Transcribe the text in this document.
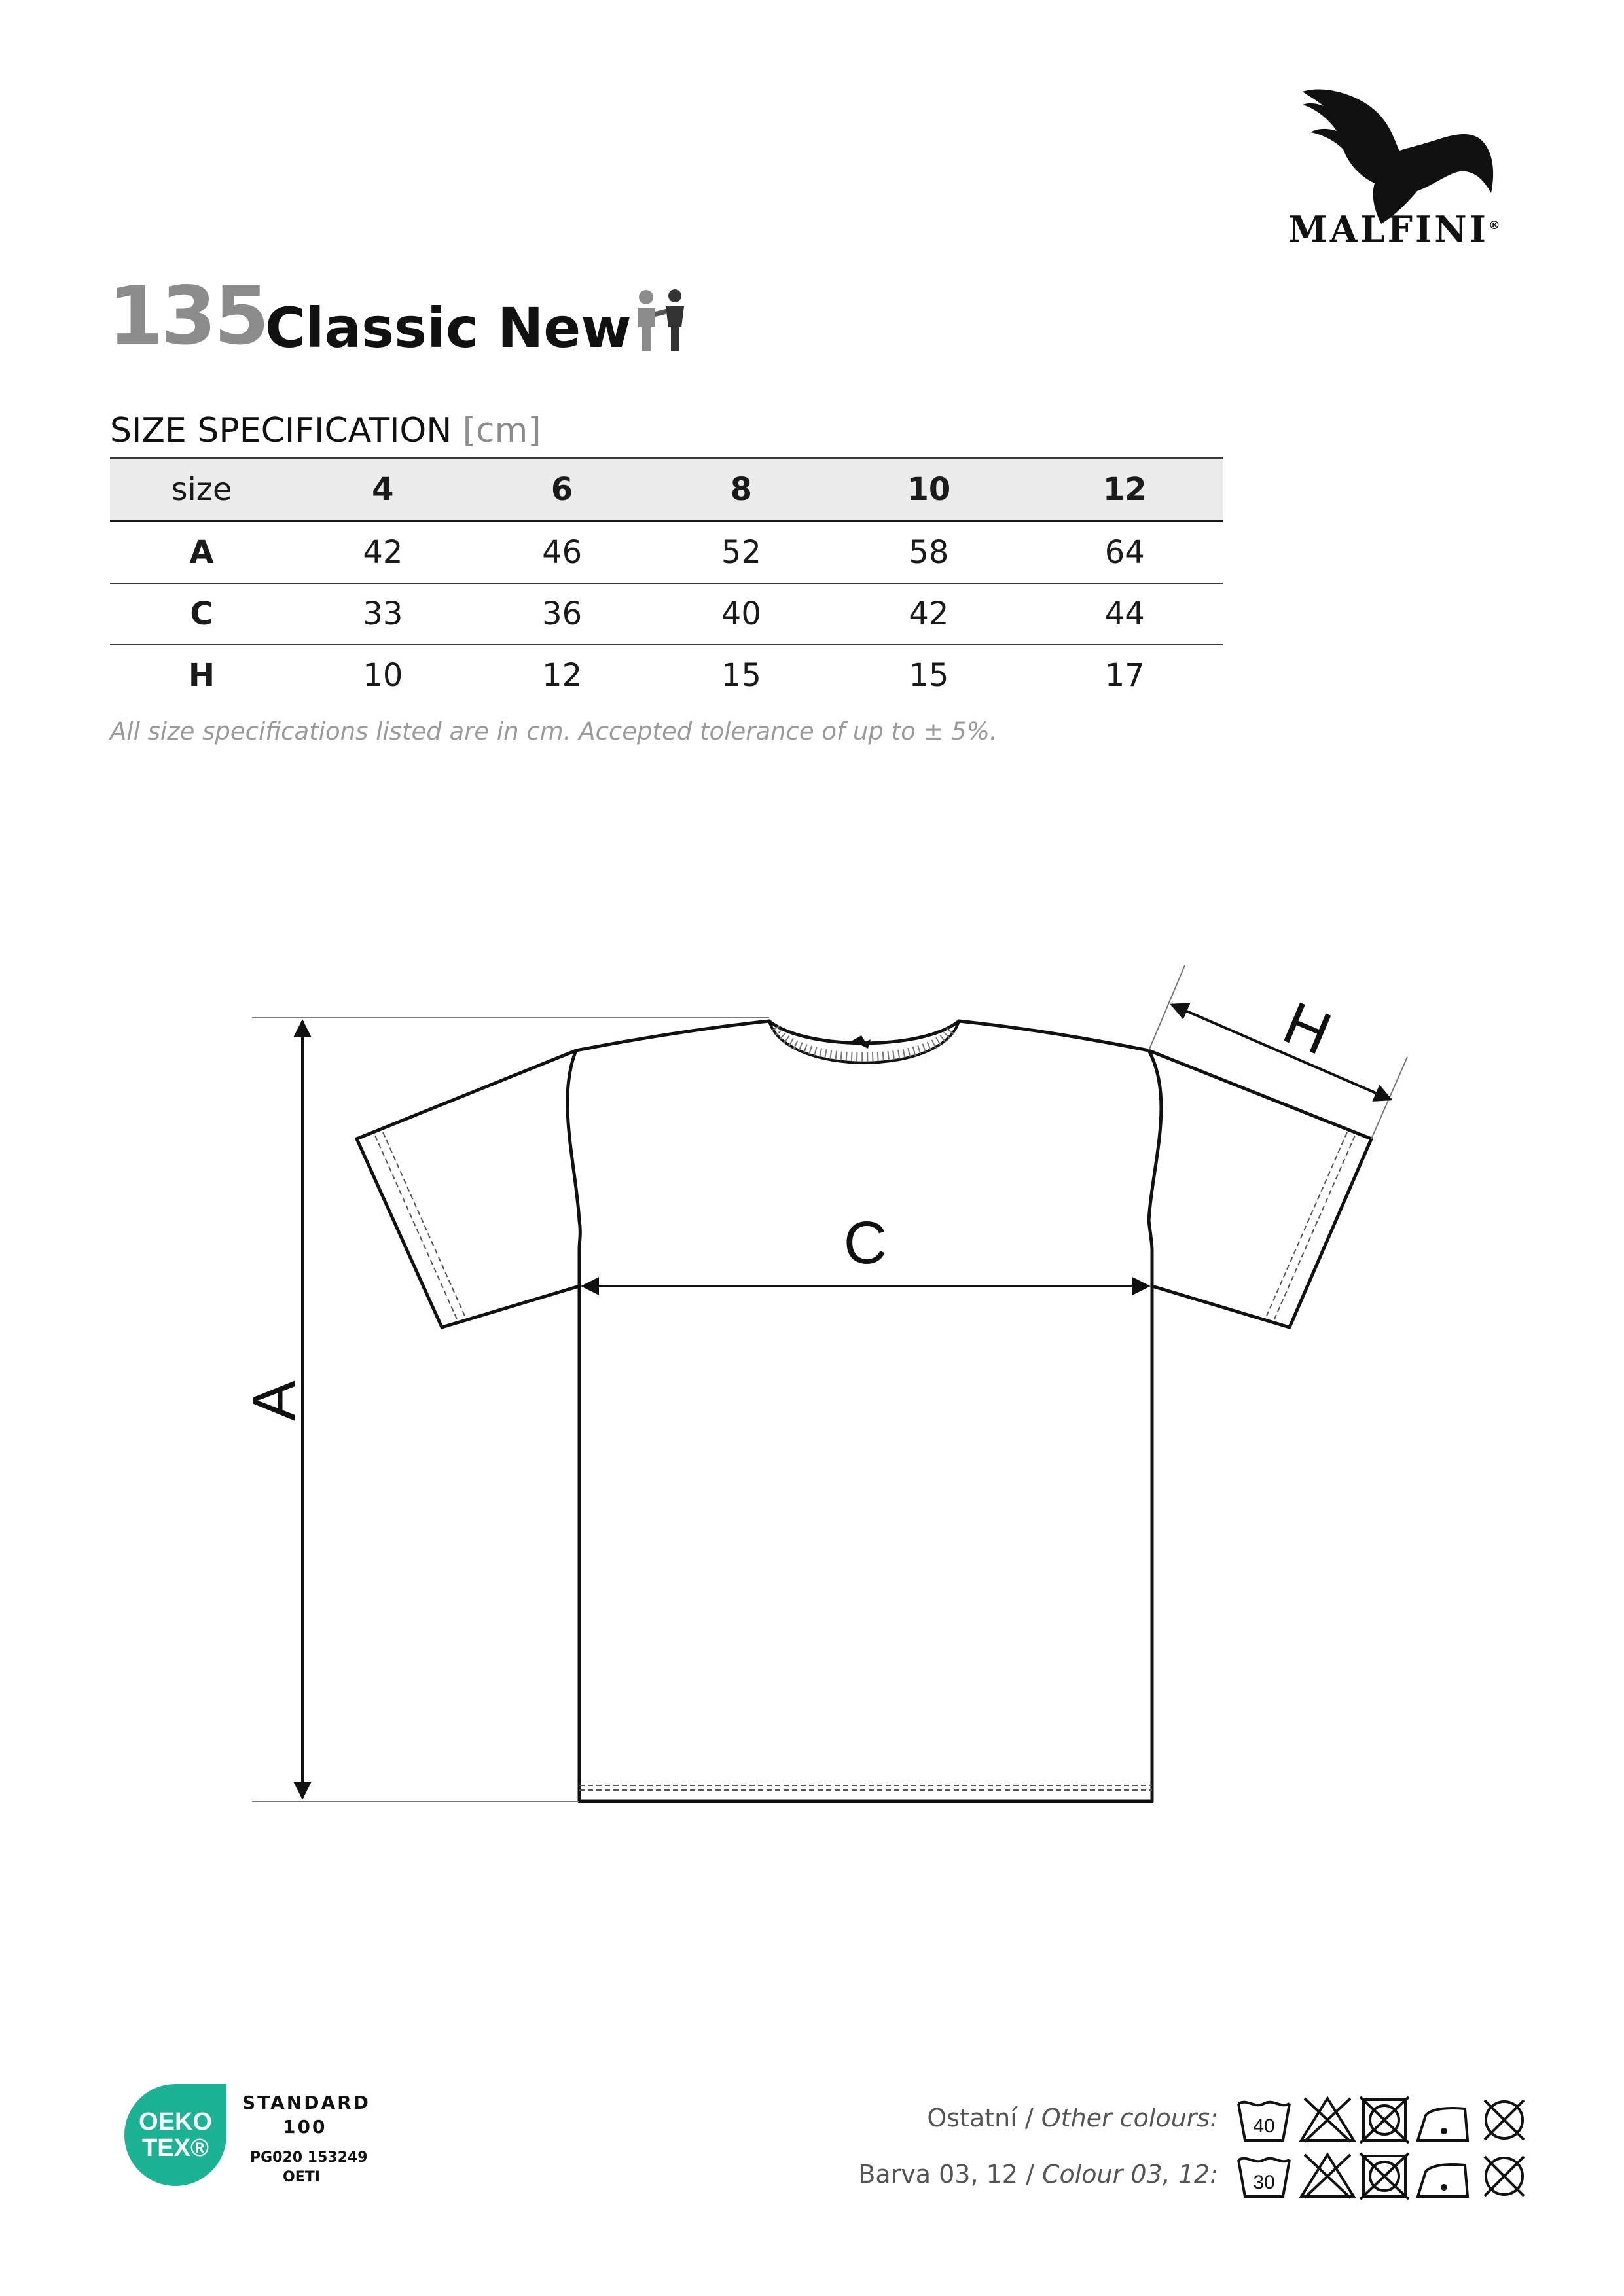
MALFINI®
135
Classic New
SIZE SPECIFICATION [cm]
size	4	6	8	10	12
A	42	46	52	58	64
C	33	36	40	42	44
H	10	12	15	15	17
All size specifications listed are in cm. Accepted tolerance of up to ± 5%.
A
C
H
OEKO
TEX®
STANDARD
100
PG020 153249
OETI
Ostatní / Other colours:
Barva 03, 12 / Colour 03, 12:
40
30
